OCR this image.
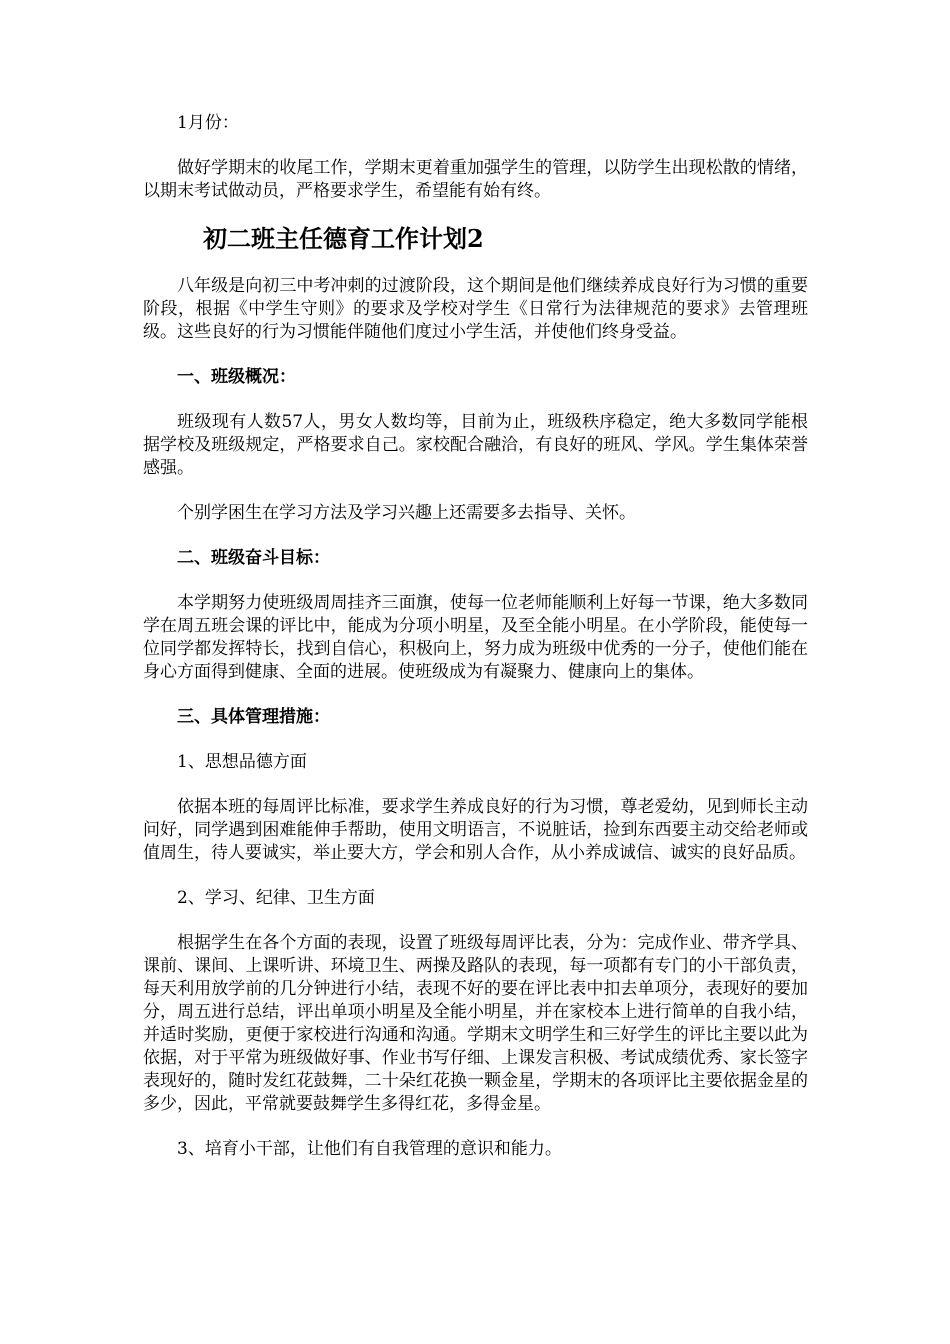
1月份：

做好学期末的收尾工作，学期末更着重加强学生的管理，以防学生出现松散的情绪，以期末考试做动员，严格要求学生，希望能有始有终。

初二班主任德育工作计划2

八年级是向初三中考冲刺的过渡阶段，这个期间是他们继续养成良好行为习惯的重要阶段，根据《中学生守则》的要求及学校对学生《日常行为法律规范的要求》去管理班级。这些良好的行为习惯能伴随他们度过小学生活，并使他们终身受益。

一、班级概况：

班级现有人数57人，男女人数均等，目前为止，班级秩序稳定，绝大多数同学能根据学校及班级规定，严格要求自己。家校配合融洽，有良好的班风、学风。学生集体荣誉感强。

个别学困生在学习方法及学习兴趣上还需要多去指导、关怀。

二、班级奋斗目标：

本学期努力使班级周周挂齐三面旗，使每一位老师能顺利上好每一节课，绝大多数同学在周五班会课的评比中，能成为分项小明星，及至全能小明星。在小学阶段，能使每一位同学都发挥特长，找到自信心，积极向上，努力成为班级中优秀的一分子，使他们能在身心方面得到健康、全面的进展。使班级成为有凝聚力、健康向上的集体。

三、具体管理措施：

1、思想品德方面

依据本班的每周评比标准，要求学生养成良好的行为习惯，尊老爱幼，见到师长主动问好，同学遇到困难能伸手帮助，使用文明语言，不说脏话，捡到东西要主动交给老师或值周生，待人要诚实，举止要大方，学会和别人合作，从小养成诚信、诚实的良好品质。

2、学习、纪律、卫生方面

根据学生在各个方面的表现，设置了班级每周评比表，分为：完成作业、带齐学具、课前、课间、上课听讲、环境卫生、两操及路队的表现，每一项都有专门的小干部负责，每天利用放学前的几分钟进行小结，表现不好的要在评比表中扣去单项分，表现好的要加分，周五进行总结，评出单项小明星及全能小明星，并在家校本上进行简单的自我小结，并适时奖励，更便于家校进行沟通和沟通。学期末文明学生和三好学生的评比主要以此为依据，对于平常为班级做好事、作业书写仔细、上课发言积极、考试成绩优秀、家长签字表现好的，随时发红花鼓舞，二十朵红花换一颗金星，学期末的各项评比主要依据金星的多少，因此，平常就要鼓舞学生多得红花，多得金星。

3、培育小干部，让他们有自我管理的意识和能力。
